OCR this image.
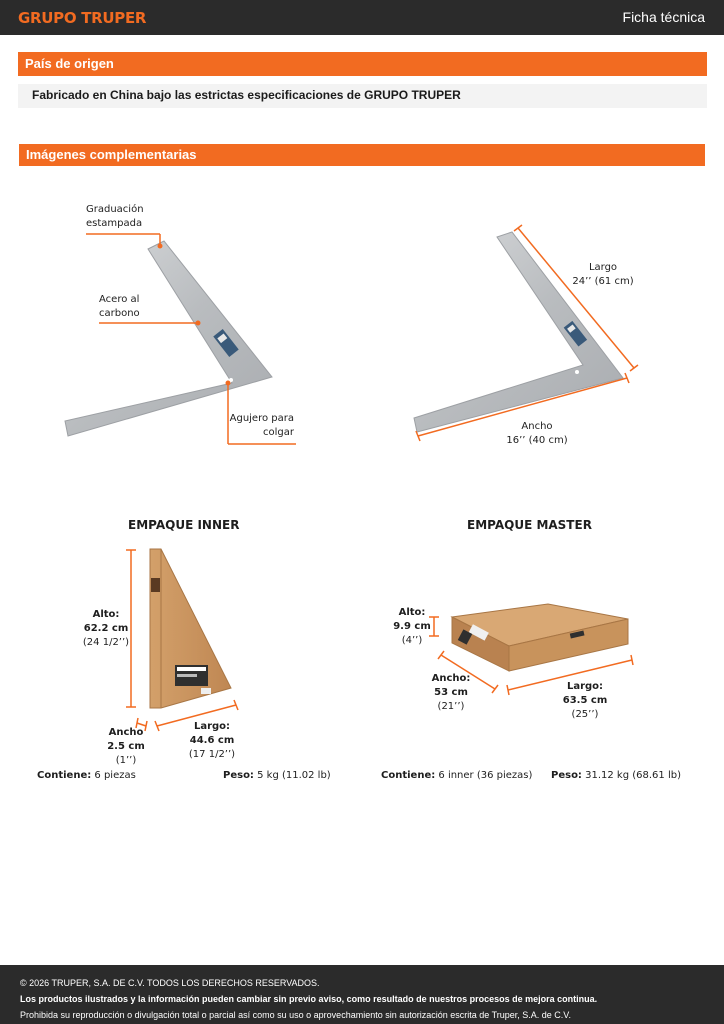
GRUPO TRUPER	Ficha técnica
País de origen
Fabricado en China bajo las estrictas especificaciones de GRUPO TRUPER
Imágenes complementarias
Graduación
estampada
Acero al
carbono
Agujero para
colgar
Largo
24’’ (61 cm)
Ancho
16’’ (40 cm)
EMPAQUE INNER
Alto:
62.2 cm
(24 1/2’’)
Ancho
2.5 cm
(1’’)
Largo:
44.6 cm
(17 1/2’’)
Contiene: 6 piezas	Peso: 5 kg (11.02 lb)
EMPAQUE MASTER
Alto:
9.9 cm
(4’’)
Ancho:
53 cm
(21’’)
Largo:
63.5 cm
(25’’)
Contiene: 6 inner (36 piezas) Peso: 31.12 kg (68.61 lb)
© 2026 TRUPER, S.A. DE C.V. TODOS LOS DERECHOS RESERVADOS.
Los productos ilustrados y la información pueden cambiar sin previo aviso, como resultado de nuestros procesos de mejora continua.
Prohibida su reproducción o divulgación total o parcial así como su uso o aprovechamiento sin autorización escrita de Truper, S.A. de C.V.
